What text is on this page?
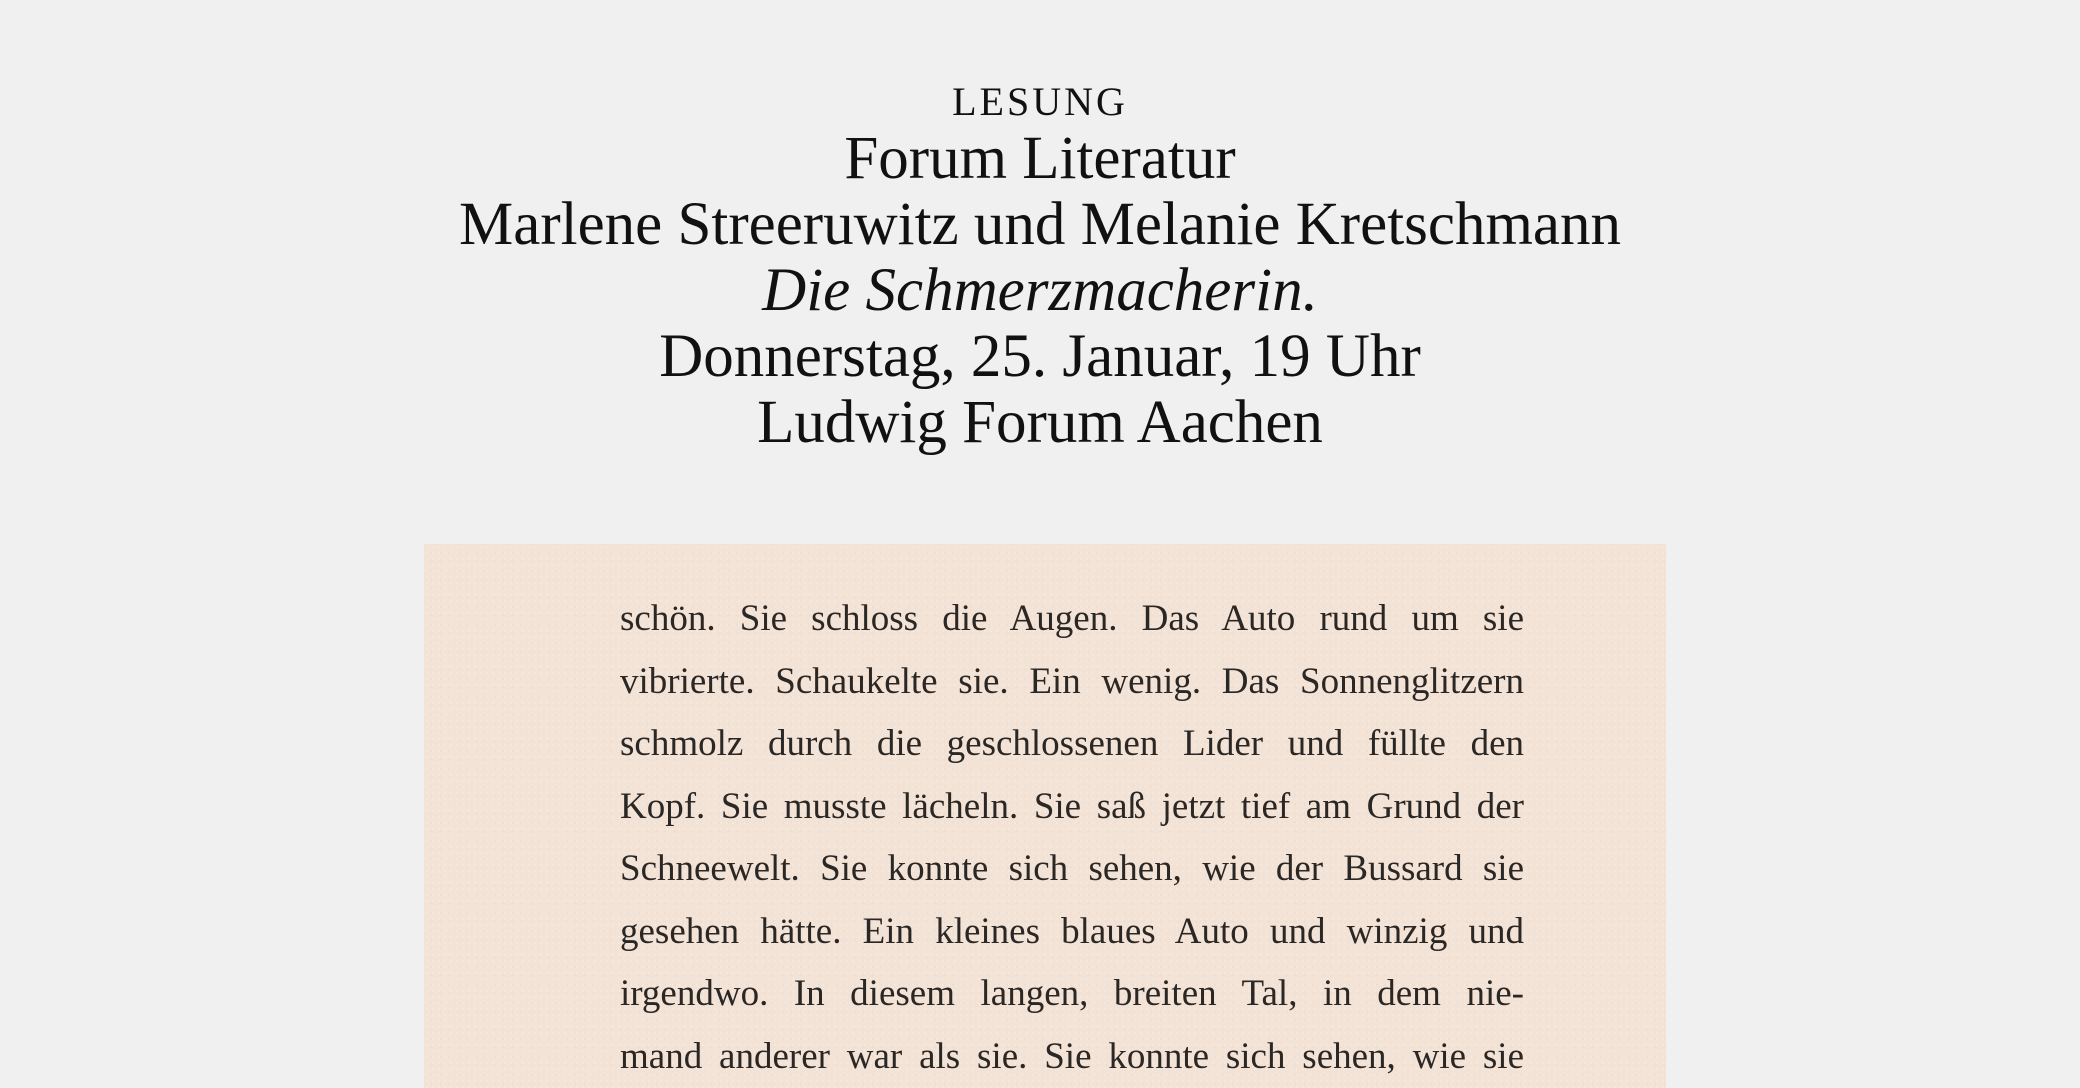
LESUNG
Forum Literatur
Marlene Streeruwitz und Melanie Kretschmann
Die Schmerzmacherin.
Donnerstag, 25. Januar, 19 Uhr
Ludwig Forum Aachen
schön. Sie schloss die Augen. Das Auto rund um sie
vibrierte. Schaukelte sie. Ein wenig. Das Sonnenglitzern
schmolz durch die geschlossenen Lider und füllte den
Kopf. Sie musste lächeln. Sie saß jetzt tief am Grund der
Schneewelt. Sie konnte sich sehen, wie der Bussard sie
gesehen hätte. Ein kleines blaues Auto und winzig und
irgendwo. In diesem langen, breiten Tal, in dem nie-
mand anderer war als sie. Sie konnte sich sehen, wie sie
